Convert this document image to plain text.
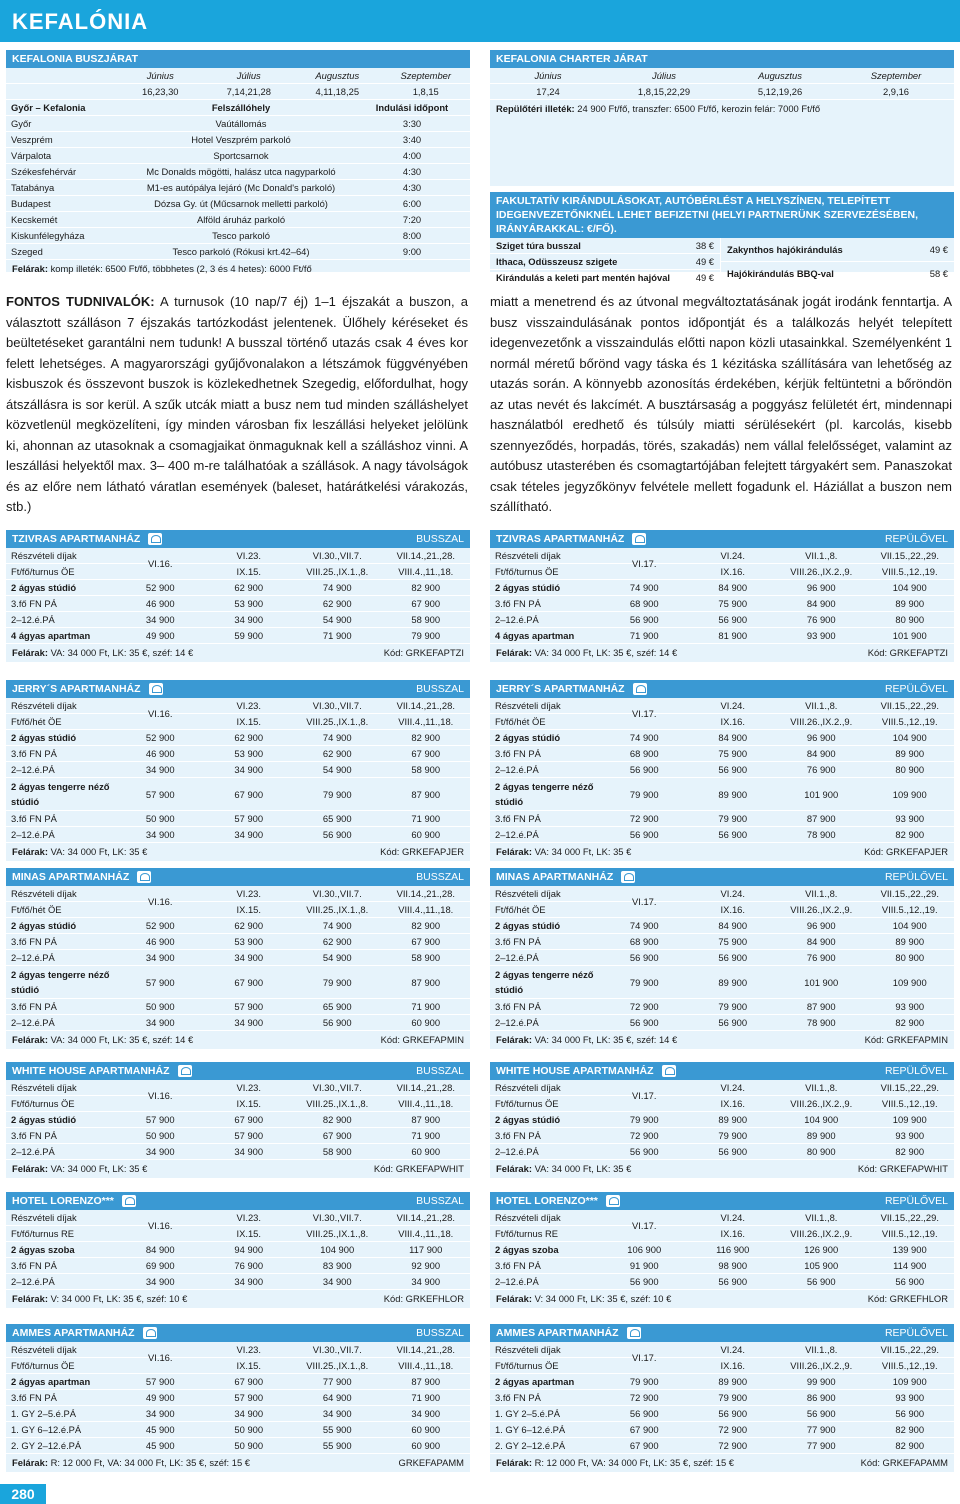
KEFALÓNIA
KEFALONIA BUSZJÁRAT
Június	Július	Augusztus	Szeptember
16,23,30	7,14,21,28	4,11,18,25	1,8,15
Győr – Kefalonia	Felszállóhely	Indulási időpont
Győr	Vaútállomás	3:30
Veszprém	Hotel Veszprém parkoló	3:40
Várpalota	Sportcsarnok	4:00
Székesfehérvár	Mc Donalds mögötti, halász utca nagyparkoló	4:30
Tatabánya	M1-es autópálya lejáró (Mc Donald's parkoló)	4:30
Budapest	Dózsa Gy. út (Műcsarnok melletti parkoló)	6:00
Kecskemét	Alföld áruház parkoló	7:20
Kiskunfélegyháza	Tesco parkoló	8:00
Szeged	Tesco parkoló (Rókusi krt.42–64)	9:00
Felárak:
komp illeték: 6500 Ft/fő, többhetes (2, 3 és 4 hetes): 6000 Ft/fő
KEFALONIA CHARTER JÁRAT
Június	Július	Augusztus	Szeptember
17,24	1,8,15,22,29	5,12,19,26	2,9,16
Repülőtéri illeték:
24 900 Ft/fő, transzfer: 6500 Ft/fő, kerozin felár: 7000 Ft/fő
FAKULTATÍV KIRÁNDULÁSOKAT, AUTÓBÉRLÉST A HELYSZÍNEN, TELEPÍTETT IDEGENVEZETŐNKNÉL LEHET BEFIZETNI (HELYI PARTNERÜNK SZERVEZÉSÉBEN, IRÁNYÁRAKKAL: €/FŐ).
Sziget túra busszal	38 €
Ithaca, Odüsszeusz szigete	49 €
Kirándulás a keleti part mentén hajóval	49 €
Zakynthos hajókirándulás	49 €
Hajókirándulás BBQ-val	58 €
FONTOS TUDNIVALÓK: A turnusok (10 nap/7 éj) 1–1 éjszakát a buszon, a választott szálláson 7 éjszakás tartózkodást jelentenek. Ülőhely kéréseket és beültetéseket garantálni nem tudunk! A busszal történő utazás csak 4 éves kor felett lehetséges. A magyarországi gyűjővonalakon a létszámok függvényében kisbuszok és összevont buszok is közlekedhetnek Szegedig, előfordulhat, hogy átszállásra is sor kerül. A szűk utcák miatt a busz nem tud minden szálláshelyet közvetlenül megközelíteni, így minden városban fix leszállási helyeket jelölünk ki, ahonnan az utasoknak a csomagjaikat önmaguknak kell a szálláshoz vinni. A leszállási helyektől max. 3– 400 m-re találhatóak a szállások. A nagy távolságok és az előre nem látható váratlan események (baleset, határátkelési várakozás, stb.)
miatt a menetrend és az útvonal megváltoztatásának jogát irodánk fenntartja. A busz visszaindulásának pontos időpontját és a találkozás helyét telepített idegenvezetőnk a visszaindulás előtti napon közli utasainkkal. Személyenként 1 normál méretű bőrönd vagy táska és 1 kézitáska szállítására van lehetőség az utazás során. A könnyebb azonosítás érdekében, kérjük feltüntetni a bőröndön az utas nevét és lakcímét. A busztársaság a poggyász felületét ért, mindennapi használatból eredhető és túlsúly miatti sérülésekért (pl. karcolás, kisebb szennyeződés, horpadás, törés, szakadás) nem vállal felelősséget, valamint az autóbusz utasterében és csomagtartójában felejtett tárgyakért sem. Panaszokat csak tételes jegyzőkönyv felvétele mellett fogadunk el. Háziállat a buszon nem szállítható.
TZIVRAS APARTMANHÁZ	BUSSZAL
Részvételi díjak
VI.16.
VI.23.	VI.30.,VII.7.	VII.14.,21.,28.
Ft/fő/turnus ÖE	IX.15.	VIII.25.,IX.1.,8.	VIII.4.,11.,18.
2 ágyas stúdió	52 900	62 900	74 900	82 900
3.fő FN PÁ	46 900	53 900	62 900	67 900
2–12.é.PÁ	34 900	34 900	54 900	58 900
4 ágyas apartman	49 900	59 900	71 900	79 900
Felárak: VA: 34 000 Ft, LK: 35 €, széf: 14 €	Kód: GRKEFAPTZI
JERRY´S APARTMANHÁZ	BUSSZAL
Részvételi díjak
VI.16.
VI.23.	VI.30.,VII.7.	VII.14.,21.,28.
Ft/fő/hét ÖE	IX.15.	VIII.25.,IX.1.,8.	VIII.4.,11.,18.
2 ágyas stúdió	52 900	62 900	74 900	82 900
3.fő FN PÁ	46 900	53 900	62 900	67 900
2–12.é.PÁ	34 900	34 900	54 900	58 900
2 ágyas tengerre néző stúdió
57 900	67 900	79 900	87 900
3.fő FN PÁ	50 900	57 900	65 900	71 900
2–12.é.PÁ	34 900	34 900	56 900	60 900
Felárak: VA: 34 000 Ft, LK: 35 €	Kód: GRKEFAPJER
MINAS APARTMANHÁZ	BUSSZAL
Részvételi díjak
VI.16.
VI.23.	VI.30.,VII.7.	VII.14.,21.,28.
Ft/fő/hét ÖE	IX.15.	VIII.25.,IX.1.,8.	VIII.4.,11.,18.
2 ágyas stúdió	52 900	62 900	74 900	82 900
3.fő FN PÁ	46 900	53 900	62 900	67 900
2–12.é.PÁ	34 900	34 900	54 900	58 900
2 ágyas tengerre néző stúdió
57 900	67 900	79 900	87 900
3.fő FN PÁ	50 900	57 900	65 900	71 900
2–12.é.PÁ	34 900	34 900	56 900	60 900
Felárak: VA: 34 000 Ft, LK: 35 €, széf: 14 €	Kód: GRKEFAPMIN
WHITE HOUSE APARTMANHÁZ	BUSSZAL
Részvételi díjak
VI.16.
VI.23.	VI.30.,VII.7.	VII.14.,21.,28.
Ft/fő/turnus ÖE	IX.15.	VIII.25.,IX.1.,8.	VIII.4.,11.,18.
2 ágyas stúdió	57 900	67 900	82 900	87 900
3.fő FN PÁ	50 900	57 900	67 900	71 900
2–12.é.PÁ	34 900	34 900	58 900	60 900
Felárak: VA: 34 000 Ft, LK: 35 €	Kód: GRKEFAPWHIT
HOTEL LORENZO***	BUSSZAL
Részvételi díjak
VI.16.
VI.23.	VI.30.,VII.7.	VII.14.,21.,28.
Ft/fő/turnus RE	IX.15.	VIII.25.,IX.1.,8.	VIII.4.,11.,18.
2 ágyas szoba	84 900	94 900	104 900	117 900
3.fő FN PÁ	69 900	76 900	83 900	92 900
2–12.é.PÁ	34 900	34 900	34 900	34 900
Felárak: V: 34 000 Ft, LK: 35 €, széf: 10 €	Kód: GRKEFHLOR
AMMES APARTMANHÁZ	BUSSZAL
Részvételi díjak
VI.16.
VI.23.	VI.30.,VII.7.	VII.14.,21.,28.
Ft/fő/turnus ÖE	IX.15.	VIII.25.,IX.1.,8.	VIII.4.,11.,18.
2 ágyas apartman	57 900	67 900	77 900	87 900
3.fő FN PÁ	49 900	57 900	64 900	71 900
1. GY 2–5.é.PÁ	34 900	34 900	34 900	34 900
1. GY 6–12.é.PÁ	45 900	50 900	55 900	60 900
2. GY 2–12.é.PÁ	45 900	50 900	55 900	60 900
Felárak: R: 12 000 Ft, VA: 34 000 Ft, LK: 35 €, széf: 15 €	GRKEFAPAMM
TZIVRAS APARTMANHÁZ	REPÜLŐVEL
Részvételi díjak
VI.17.
VI.24.	VII.1.,8.	VII.15.,22.,29.
Ft/fő/turnus ÖE	IX.16.	VIII.26.,IX.2.,9.	VIII.5.,12.,19.
2 ágyas stúdió	74 900	84 900	96 900	104 900
3.fő FN PÁ	68 900	75 900	84 900	89 900
2–12.é.PÁ	56 900	56 900	76 900	80 900
4 ágyas apartman	71 900	81 900	93 900	101 900
Felárak: VA: 34 000 Ft, LK: 35 €, széf: 14 €	Kód: GRKEFAPTZI
JERRY´S APARTMANHÁZ	REPÜLŐVEL
Részvételi díjak
VI.17.
VI.24.	VII.1.,8.	VII.15.,22.,29.
Ft/fő/hét ÖE	IX.16.	VIII.26.,IX.2.,9.	VIII.5.,12.,19.
2 ágyas stúdió	74 900	84 900	96 900	104 900
3.fő FN PÁ	68 900	75 900	84 900	89 900
2–12.é.PÁ	56 900	56 900	76 900	80 900
2 ágyas tengerre néző stúdió
79 900	89 900	101 900	109 900
3.fő FN PÁ	72 900	79 900	87 900	93 900
2–12.é.PÁ	56 900	56 900	78 900	82 900
Felárak: VA: 34 000 Ft, LK: 35 €	Kód: GRKEFAPJER
MINAS APARTMANHÁZ	REPÜLŐVEL
Részvételi díjak
VI.17.
VI.24.	VII.1.,8.	VII.15.,22.,29.
Ft/fő/hét ÖE	IX.16.	VIII.26.,IX.2.,9.	VIII.5.,12.,19.
2 ágyas stúdió	74 900	84 900	96 900	104 900
3.fő FN PÁ	68 900	75 900	84 900	89 900
2–12.é.PÁ	56 900	56 900	76 900	80 900
2 ágyas tengerre néző stúdió
79 900	89 900	101 900	109 900
3.fő FN PÁ	72 900	79 900	87 900	93 900
2–12.é.PÁ	56 900	56 900	78 900	82 900
Felárak: VA: 34 000 Ft, LK: 35 €, széf: 14 €	Kód: GRKEFAPMIN
WHITE HOUSE APARTMANHÁZ	REPÜLŐVEL
Részvételi díjak
VI.17.
VI.24.	VII.1.,8.	VII.15.,22.,29.
Ft/fő/turnus ÖE	IX.16.	VIII.26.,IX.2.,9.	VIII.5.,12.,19.
2 ágyas stúdió	79 900	89 900	104 900	109 900
3.fő FN PÁ	72 900	79 900	89 900	93 900
2–12.é.PÁ	56 900	56 900	80 900	82 900
Felárak: VA: 34 000 Ft, LK: 35 €	Kód: GRKEFAPWHIT
HOTEL LORENZO***	REPÜLŐVEL
Részvételi díjak
VI.17.
VI.24.	VII.1.,8.	VII.15.,22.,29.
Ft/fő/turnus RE	IX.16.	VIII.26.,IX.2.,9.	VIII.5.,12.,19.
2 ágyas szoba	106 900	116 900	126 900	139 900
3.fő FN PÁ	91 900	98 900	105 900	114 900
2–12.é.PÁ	56 900	56 900	56 900	56 900
Felárak: V: 34 000 Ft, LK: 35 €, széf: 10 €	Kód: GRKEFHLOR
AMMES APARTMANHÁZ	REPÜLŐVEL
Részvételi díjak
VI.17.
VI.24.	VII.1.,8.	VII.15.,22.,29.
Ft/fő/turnus ÖE	IX.16.	VIII.26.,IX.2.,9.	VIII.5.,12.,19.
2 ágyas apartman	79 900	89 900	99 900	109 900
3.fő FN PÁ	72 900	79 900	86 900	93 900
1. GY 2–5.é.PÁ	56 900	56 900	56 900	56 900
1. GY 6–12.é.PÁ	67 900	72 900	77 900	82 900
2. GY 2–12.é.PÁ	67 900	72 900	77 900	82 900
Felárak: R: 12 000 Ft, VA: 34 000 Ft, LK: 35 €, széf: 15 €	Kód: GRKEFAPAMM
280
